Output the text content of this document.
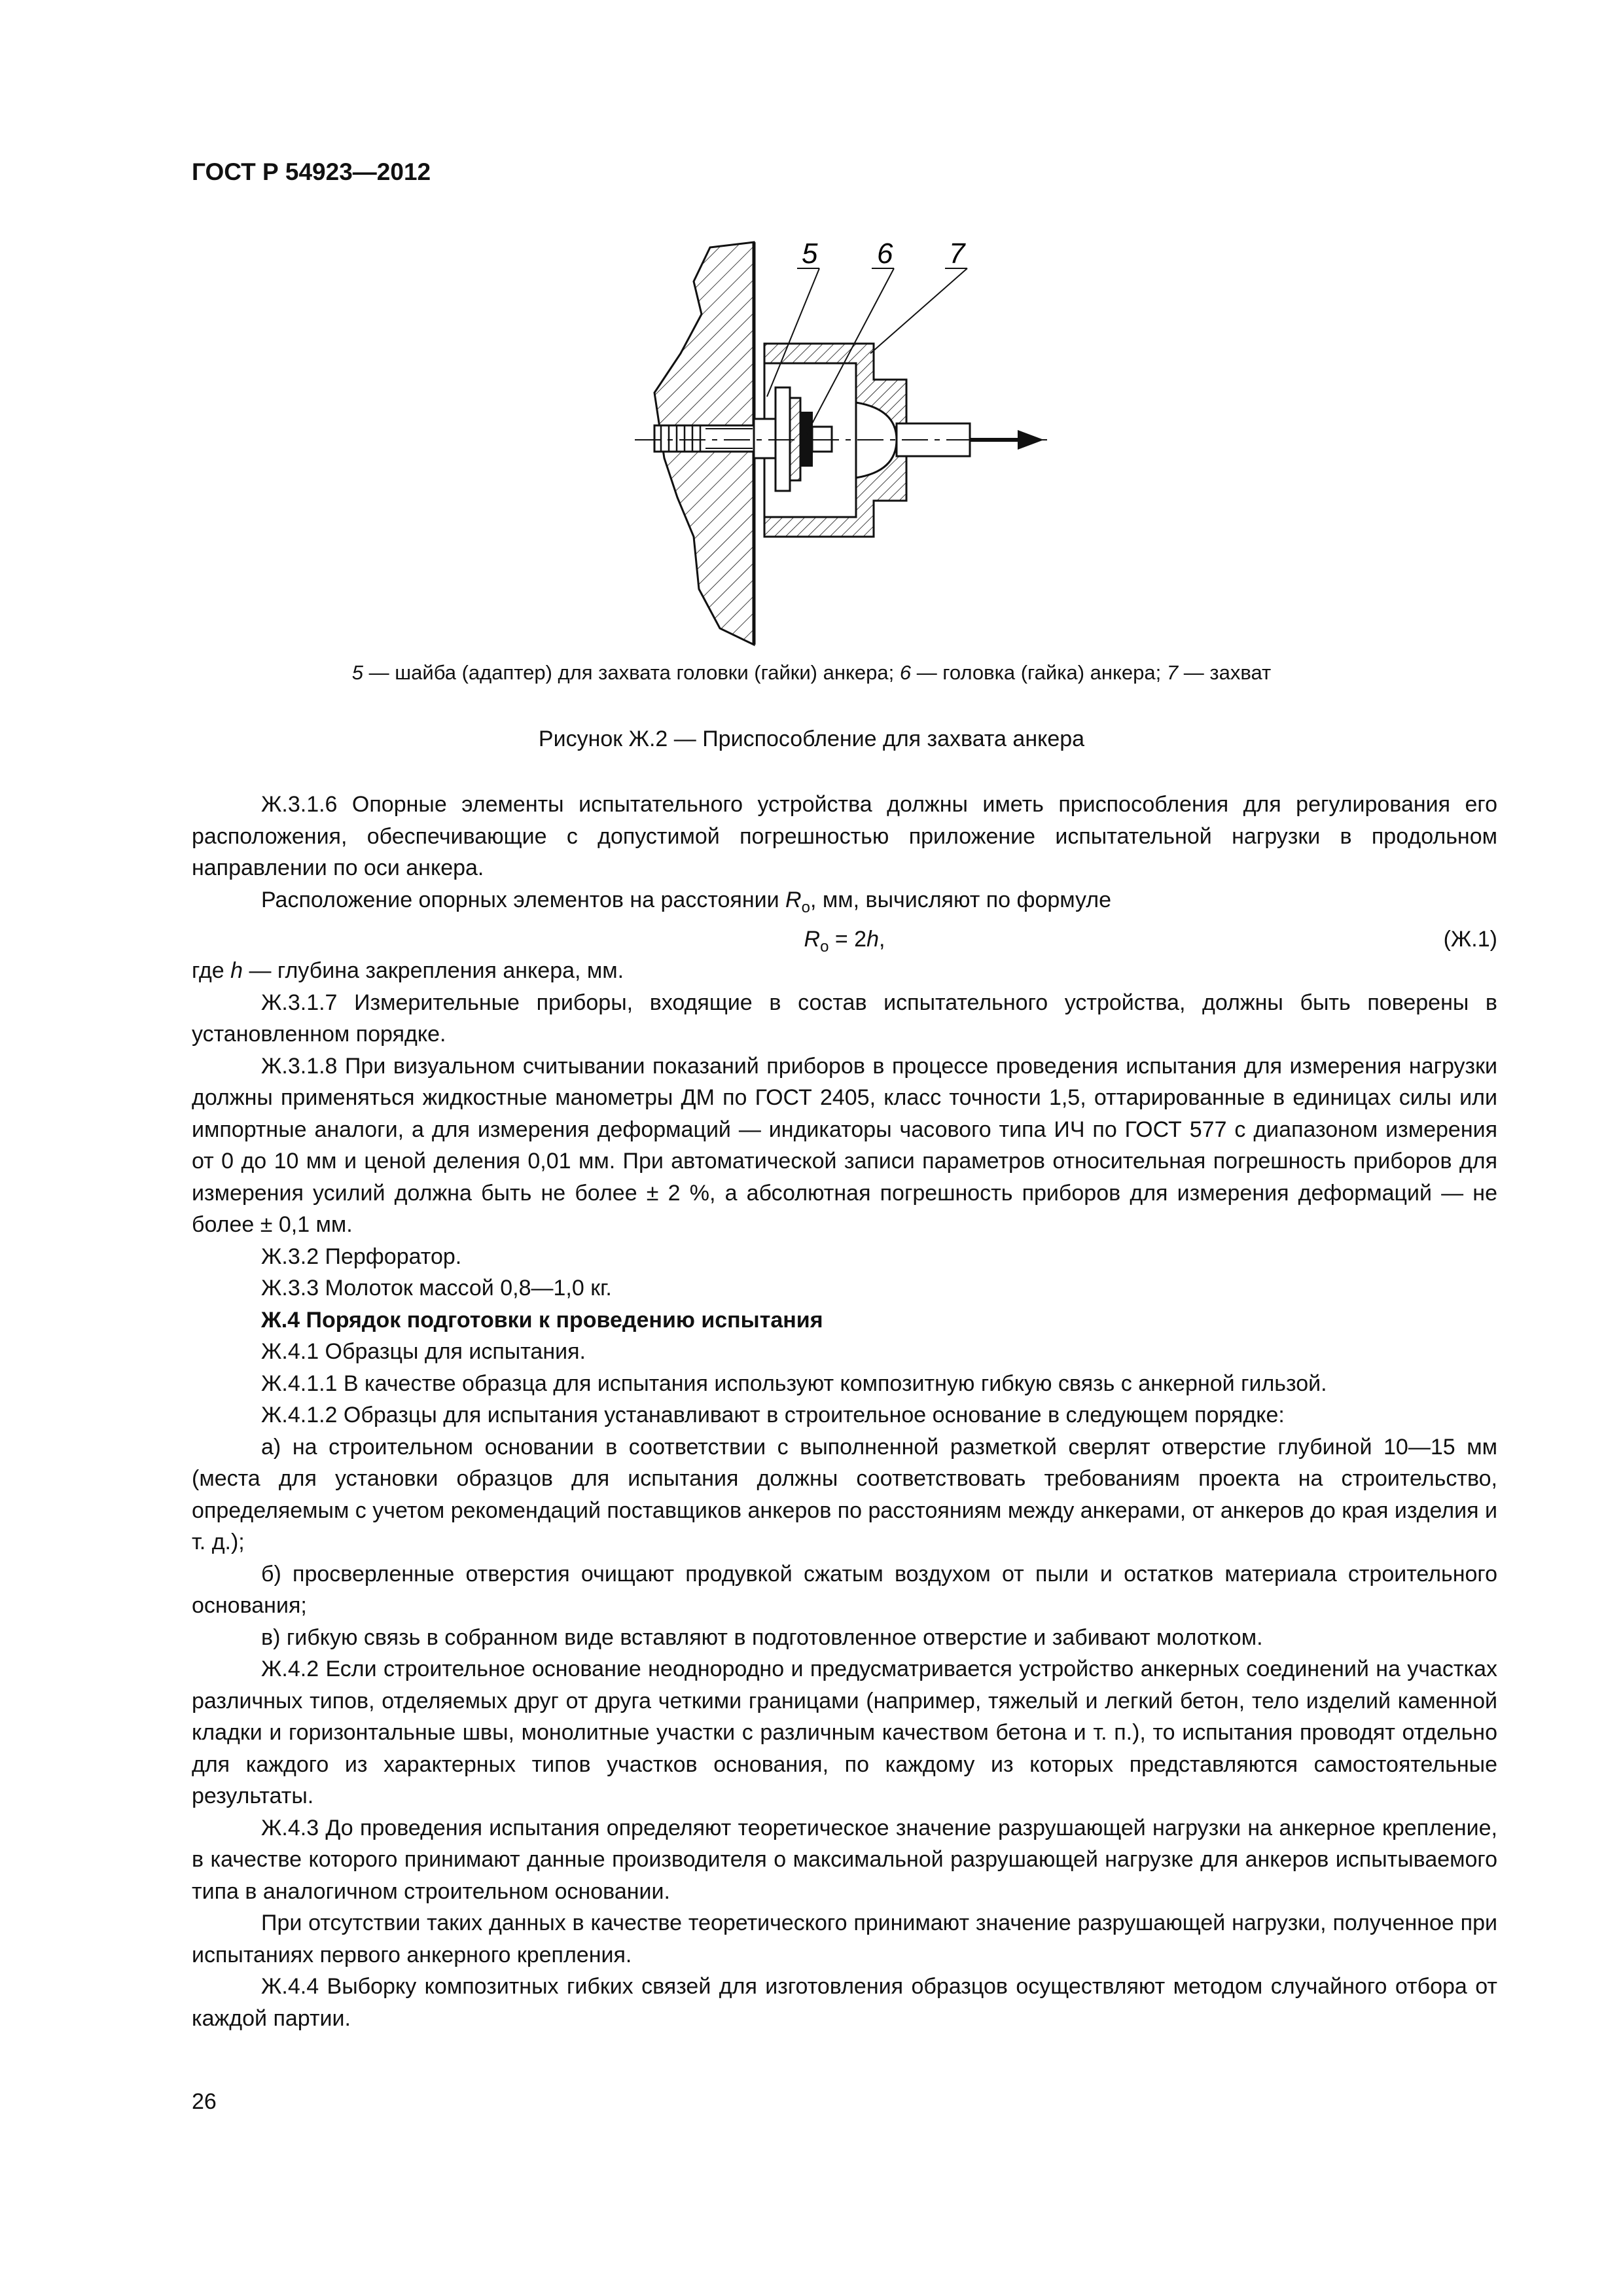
ГОСТ Р 54923—2012
5 6 7
5 — шайба (адаптер) для захвата головки (гайки) анкера; 6 — головка (гайка) анкера; 7 — захват
Рисунок Ж.2 — Приспособление для захвата анкера

Ж.3.1.6 Опорные элементы испытательного устройства должны иметь приспособления для регулирования его расположения, обеспечивающие с допустимой погрешностью приложение испытательной нагрузки в продольном направлении по оси анкера.

Расположение опорных элементов на расстоянии $R_o$, мм, вычисляют по формуле

$R_o = 2h$,	(Ж.1)

где h — глубина закрепления анкера, мм.

Ж.3.1.7 Измерительные приборы, входящие в состав испытательного устройства, должны быть поверены в установленном порядке.

Ж.3.1.8 При визуальном считывании показаний приборов в процессе проведения испытания для измерения нагрузки должны применяться жидкостные манометры ДМ по ГОСТ 2405, класс точности 1,5, оттарированные в единицах силы или импортные аналоги, а для измерения деформаций — индикаторы часового типа ИЧ по ГОСТ 577 с диапазоном измерения от 0 до 10 мм и ценой деления 0,01 мм. При автоматической записи параметров относительная погрешность приборов для измерения усилий должна быть не более ± 2 %, а абсолютная погрешность приборов для измерения деформаций — не более ± 0,1 мм.

Ж.3.2 Перфоратор.

Ж.3.3 Молоток массой 0,8—1,0 кг.

Ж.4 Порядок подготовки к проведению испытания

Ж.4.1 Образцы для испытания.

Ж.4.1.1 В качестве образца для испытания используют композитную гибкую связь с анкерной гильзой.

Ж.4.1.2 Образцы для испытания устанавливают в строительное основание в следующем порядке:

а) на строительном основании в соответствии с выполненной разметкой сверлят отверстие глубиной 10—15 мм (места для установки образцов для испытания должны соответствовать требованиям проекта на строительство, определяемым с учетом рекомендаций поставщиков анкеров по расстояниям между анкерами, от анкеров до края изделия и т. д.);

б) просверленные отверстия очищают продувкой сжатым воздухом от пыли и остатков материала строительного основания;

в) гибкую связь в собранном виде вставляют в подготовленное отверстие и забивают молотком.

Ж.4.2 Если строительное основание неоднородно и предусматривается устройство анкерных соединений на участках различных типов, отделяемых друг от друга четкими границами (например, тяжелый и легкий бетон, тело изделий каменной кладки и горизонтальные швы, монолитные участки с различным качеством бетона и т. п.), то испытания проводят отдельно для каждого из характерных типов участков основания, по каждому из которых представляются самостоятельные результаты.

Ж.4.3 До проведения испытания определяют теоретическое значение разрушающей нагрузки на анкерное крепление, в качестве которого принимают данные производителя о максимальной разрушающей нагрузке для анкеров испытываемого типа в аналогичном строительном основании.

При отсутствии таких данных в качестве теоретического принимают значение разрушающей нагрузки, полученное при испытаниях первого анкерного крепления.

Ж.4.4 Выборку композитных гибких связей для изготовления образцов осуществляют методом случайного отбора от каждой партии.

26
